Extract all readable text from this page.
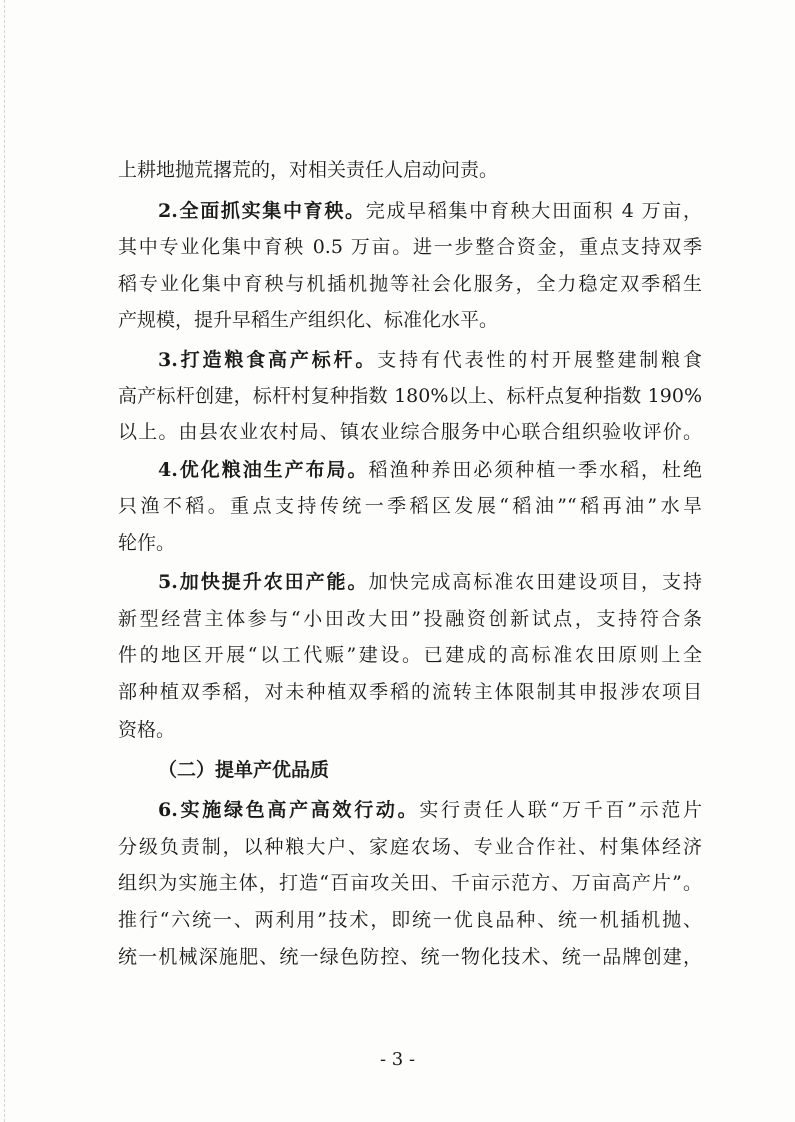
上耕地抛荒撂荒的，对相关责任人启动问责。
2.全面抓实集中育秧。完成早稻集中育秧大田面积 4 万亩，
其中专业化集中育秧 0.5 万亩。进一步整合资金，重点支持双季
稻专业化集中育秧与机插机抛等社会化服务，全力稳定双季稻生
产规模，提升早稻生产组织化、标准化水平。
3.打造粮食高产标杆。支持有代表性的村开展整建制粮食
高产标杆创建，标杆村复种指数 180%以上、标杆点复种指数 190%
以上。由县农业农村局、镇农业综合服务中心联合组织验收评价。
4.优化粮油生产布局。稻渔种养田必须种植一季水稻，杜绝
只渔不稻。重点支持传统一季稻区发展“稻油”“稻再油”水旱
轮作。
5.加快提升农田产能。加快完成高标准农田建设项目，支持
新型经营主体参与“小田改大田”投融资创新试点，支持符合条
件的地区开展“以工代赈”建设。已建成的高标准农田原则上全
部种植双季稻，对未种植双季稻的流转主体限制其申报涉农项目
资格。
（二）提单产优品质
6.实施绿色高产高效行动。实行责任人联“万千百”示范片
分级负责制，以种粮大户、家庭农场、专业合作社、村集体经济
组织为实施主体，打造“百亩攻关田、千亩示范方、万亩高产片”。
推行“六统一、两利用”技术，即统一优良品种、统一机插机抛、
统一机械深施肥、统一绿色防控、统一物化技术、统一品牌创建，
- 3 -
